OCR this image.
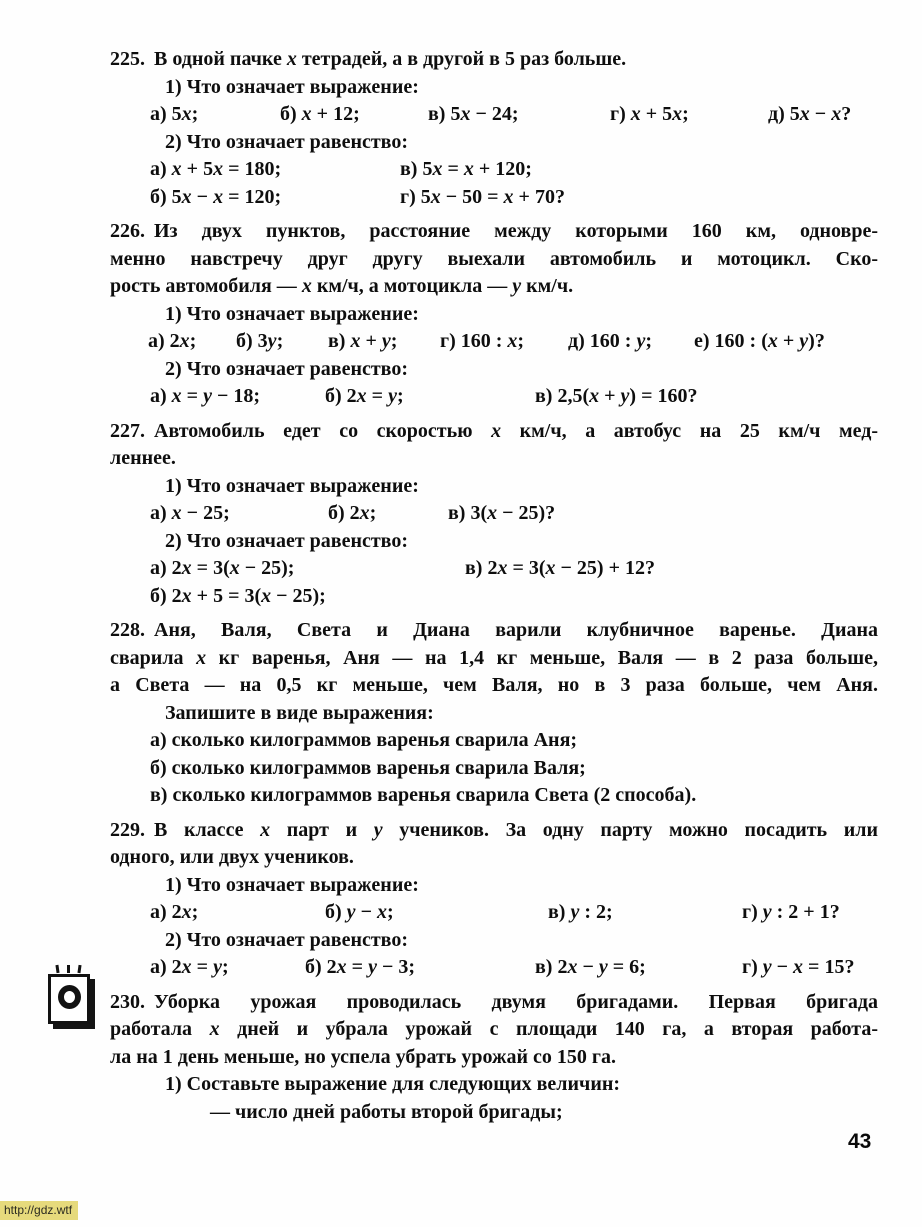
225. В одной пачке x тетрадей, а в другой в 5 раз больше.
1) Что означает выражение:
а) 5x;	б) x + 12;	в) 5x − 24;	г) x + 5x;	д) 5x − x?
2) Что означает равенство:
а) x + 5x = 180;	в) 5x = x + 120;
б) 5x − x = 120;	г) 5x − 50 = x + 70?
226. Из двух пунктов, расстояние между которыми 160 км, одновре-
менно навстречу друг другу выехали автомобиль и мотоцикл. Ско-
рость автомобиля — x км/ч, а мотоцикла — y км/ч.
1) Что означает выражение:
а) 2x; б) 3y; в) x + y; г) 160 : x; д) 160 : y; е) 160 : (x + y)?
2) Что означает равенство:
а) x = y − 18;	б) 2x = y;	в) 2,5(x + y) = 160?
227. Автомобиль едет со скоростью x км/ч, а автобус на 25 км/ч мед-
леннее.
1) Что означает выражение:
а) x − 25;	б) 2x;	в) 3(x − 25)?
2) Что означает равенство:
а) 2x = 3(x − 25);	в) 2x = 3(x − 25) + 12?
б) 2x + 5 = 3(x − 25);
228. Аня, Валя, Света и Диана варили клубничное варенье. Диана
сварила x кг варенья, Аня — на 1,4 кг меньше, Валя — в 2 раза больше,
а Света — на 0,5 кг меньше, чем Валя, но в 3 раза больше, чем Аня.
Запишите в виде выражения:
а) сколько килограммов варенья сварила Аня;
б) сколько килограммов варенья сварила Валя;
в) сколько килограммов варенья сварила Света (2 способа).
229. В классе x парт и y учеников. За одну парту можно посадить или
одного, или двух учеников.
1) Что означает выражение:
а) 2x;	б) y − x;	в) y : 2;	г) y : 2 + 1?
2) Что означает равенство:
а) 2x = y;	б) 2x = y − 3;	в) 2x − y = 6;	г) y − x = 15?
230. Уборка урожая проводилась двумя бригадами. Первая бригада
работала x дней и убрала урожай с площади 140 га, а вторая работа-
ла на 1 день меньше, но успела убрать урожай со 150 га.
1) Составьте выражение для следующих величин:
— число дней работы второй бригады;
43
http://gdz.wtf
